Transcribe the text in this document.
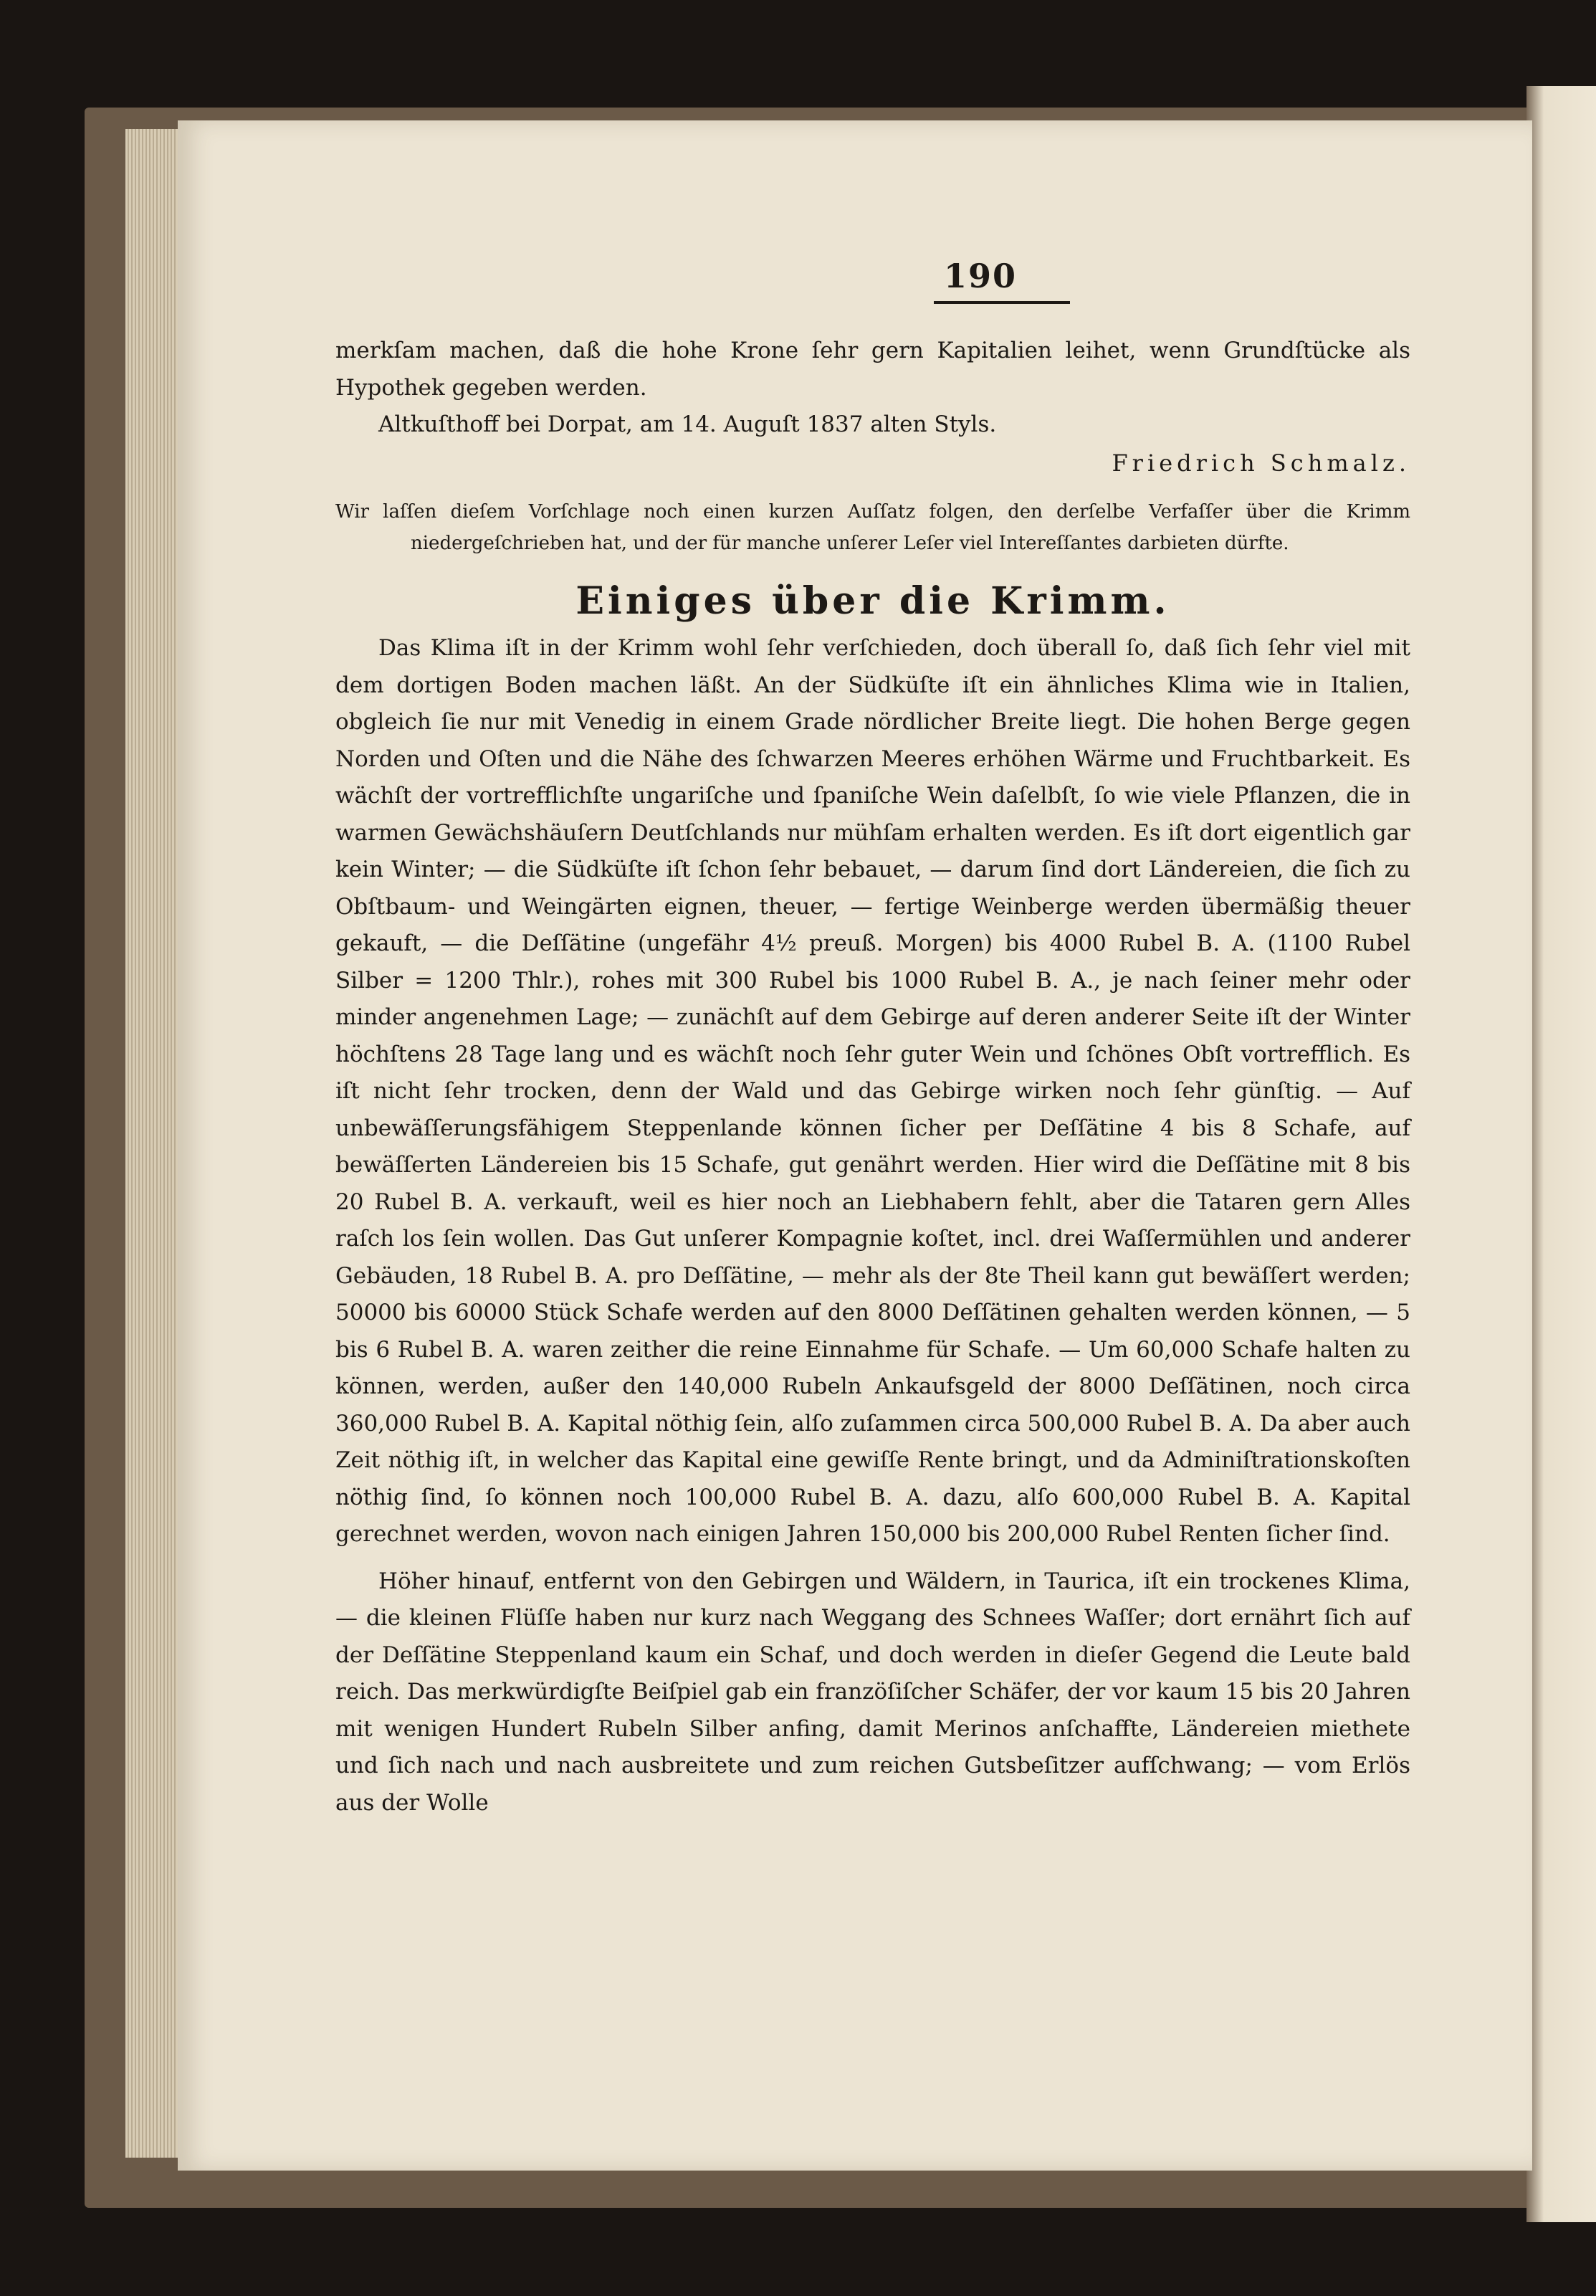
190

merkſam machen, daß die hohe Krone ſehr gern Kapitalien leihet, wenn Grundſtücke als Hypothek gegeben werden.

Altkuſthoff bei Dorpat, am 14. Auguſt 1837 alten Styls.

Friedrich Schmalz.

Wir laſſen dieſem Vorſchlage noch einen kurzen Auſſatz folgen, den derſelbe Verfaſſer über die Krimm niedergeſchrieben hat, und der für manche unſerer Leſer viel Intereſſantes darbieten dürfte.

Einiges über die Krimm.

Das Klima iſt in der Krimm wohl ſehr verſchieden, doch überall ſo, daß ſich ſehr viel mit dem dortigen Boden machen läßt. An der Südküſte iſt ein ähnliches Klima wie in Italien, obgleich ſie nur mit Venedig in einem Grade nördlicher Breite liegt. Die hohen Berge gegen Norden und Oſten und die Nähe des ſchwarzen Meeres erhöhen Wärme und Fruchtbarkeit. Es wächſt der vortrefflichſte ungariſche und ſpaniſche Wein daſelbſt, ſo wie viele Pflanzen, die in warmen Gewächshäuſern Deutſchlands nur mühſam erhalten werden. Es iſt dort eigentlich gar kein Winter; — die Südküſte iſt ſchon ſehr bebauet, — darum ſind dort Ländereien, die ſich zu Obſtbaum- und Weingärten eignen, theuer, — fertige Weinberge werden übermäßig theuer gekauft, — die Deſſätine (ungefähr 4½ preuß. Morgen) bis 4000 Rubel B. A. (1100 Rubel Silber = 1200 Thlr.), rohes mit 300 Rubel bis 1000 Rubel B. A., je nach ſeiner mehr oder minder angenehmen Lage; — zunächſt auf dem Gebirge auf deren anderer Seite iſt der Winter höchſtens 28 Tage lang und es wächſt noch ſehr guter Wein und ſchönes Obſt vortrefflich. Es iſt nicht ſehr trocken, denn der Wald und das Gebirge wirken noch ſehr günſtig. — Auf unbewäſſerungsfähigem Steppenlande können ſicher per Deſſätine 4 bis 8 Schafe, auf bewäſſerten Ländereien bis 15 Schafe, gut genährt werden. Hier wird die Deſſätine mit 8 bis 20 Rubel B. A. verkauft, weil es hier noch an Liebhabern fehlt, aber die Tataren gern Alles raſch los ſein wollen. Das Gut unſerer Kompagnie koſtet, incl. drei Waſſermühlen und anderer Gebäuden, 18 Rubel B. A. pro Deſſätine, — mehr als der 8te Theil kann gut bewäſſert werden; 50000 bis 60000 Stück Schafe werden auf den 8000 Deſſätinen gehalten werden können, — 5 bis 6 Rubel B. A. waren zeither die reine Einnahme für Schafe. — Um 60,000 Schafe halten zu können, werden, außer den 140,000 Rubeln Ankaufsgeld der 8000 Deſſätinen, noch circa 360,000 Rubel B. A. Kapital nöthig ſein, alſo zuſammen circa 500,000 Rubel B. A. Da aber auch Zeit nöthig iſt, in welcher das Kapital eine gewiſſe Rente bringt, und da Adminiſtrationskoſten nöthig ſind, ſo können noch 100,000 Rubel B. A. dazu, alſo 600,000 Rubel B. A. Kapital gerechnet werden, wovon nach einigen Jahren 150,000 bis 200,000 Rubel Renten ſicher ſind.

Höher hinauf, entfernt von den Gebirgen und Wäldern, in Taurica, iſt ein trockenes Klima, — die kleinen Flüſſe haben nur kurz nach Weggang des Schnees Waſſer; dort ernährt ſich auf der Deſſätine Steppenland kaum ein Schaf, und doch werden in dieſer Gegend die Leute bald reich. Das merkwürdigſte Beiſpiel gab ein franzöſiſcher Schäfer, der vor kaum 15 bis 20 Jahren mit wenigen Hundert Rubeln Silber anfing, damit Merinos anſchaffte, Ländereien miethete und ſich nach und nach ausbreitete und zum reichen Gutsbeſitzer aufſchwang; — vom Erlös aus der Wolle
